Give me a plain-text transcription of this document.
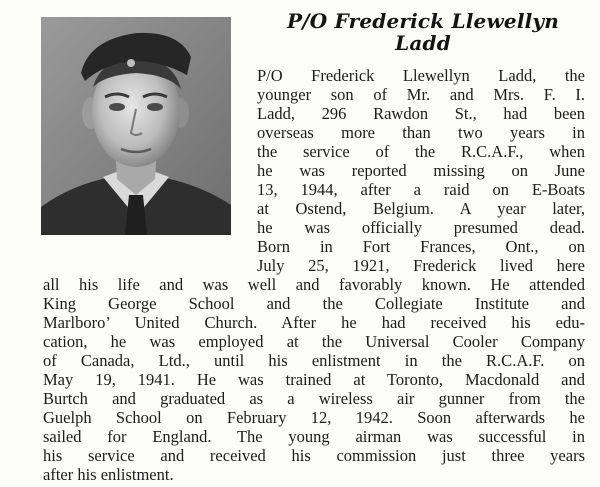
P/O Frederick Llewellyn
Ladd
P/O Frederick Llewellyn Ladd, the
younger son of Mr. and Mrs. F. I.
Ladd, 296 Rawdon St., had been
overseas more than two years in
the service of the R.C.A.F., when
he was reported missing on June
13, 1944, after a raid on E-Boats
at Ostend, Belgium. A year later,
he was officially presumed dead.
Born in Fort Frances, Ont., on
July 25, 1921, Frederick lived here
all his life and was well and favorably known. He attended
King George School and the Collegiate Institute and
Marlboro’ United Church. After he had received his edu-
cation, he was employed at the Universal Cooler Company
of Canada, Ltd., until his enlistment in the R.C.A.F. on
May 19, 1941. He was trained at Toronto, Macdonald and
Burtch and graduated as a wireless air gunner from the
Guelph School on February 12, 1942. Soon afterwards he
sailed for England. The young airman was successful in
his service and received his commission just three years
after his enlistment.
